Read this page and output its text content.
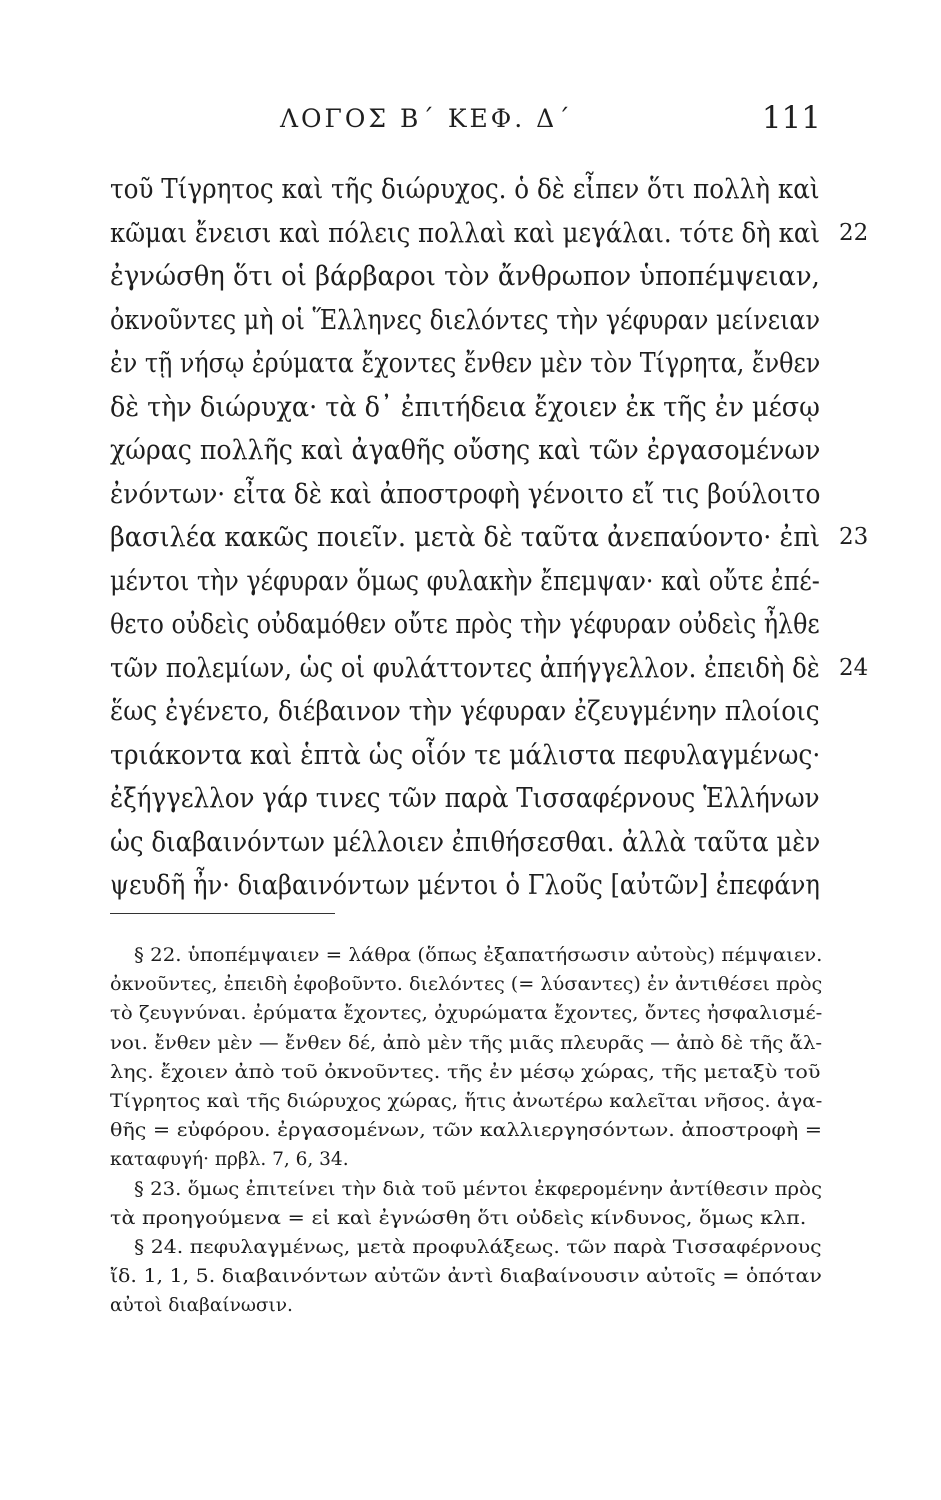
ΛΟΓΟΣ Β΄ ΚΕΦ. Δ΄	111
τοῦ Τίγρητος καὶ τῆς διώρυχος. ὁ δὲ εἶπεν ὅτι πολλὴ καὶ
κῶμαι ἔνεισι καὶ πόλεις πολλαὶ καὶ μεγάλαι. τότε δὴ καὶ
ἐγνώσθη ὅτι οἱ βάρβαροι τὸν ἄνθρωπον ὑποπέμψειαν,
ὀκνοῦντες μὴ οἱ Ἕλληνες διελόντες τὴν γέφυραν μείνειαν
ἐν τῇ νήσῳ ἐρύματα ἔχοντες ἔνθεν μὲν τὸν Τίγρητα, ἔνθεν
δὲ τὴν διώρυχα· τὰ δ᾽ ἐπιτήδεια ἔχοιεν ἐκ τῆς ἐν μέσῳ
χώρας πολλῆς καὶ ἀγαθῆς οὔσης καὶ τῶν ἐργασομένων
ἐνόντων· εἶτα δὲ καὶ ἀποστροφὴ γένοιτο εἴ τις βούλοιτο
βασιλέα κακῶς ποιεῖν. μετὰ δὲ ταῦτα ἀνεπαύοντο· ἐπὶ
μέντοι τὴν γέφυραν ὅμως φυλακὴν ἔπεμψαν· καὶ οὔτε ἐπέ-
θετο οὐδεὶς οὐδαμόθεν οὔτε πρὸς τὴν γέφυραν οὐδεὶς ἦλθε
τῶν πολεμίων, ὡς οἱ φυλάττοντες ἀπήγγελλον. ἐπειδὴ δὲ
ἕως ἐγένετο, διέβαινον τὴν γέφυραν ἐζευγμένην πλοίοις
τριάκοντα καὶ ἑπτὰ ὡς οἷόν τε μάλιστα πεφυλαγμένως·
ἐξήγγελλον γάρ τινες τῶν παρὰ Τισσαφέρνους Ἑλλήνων
ὡς διαβαινόντων μέλλοιεν ἐπιθήσεσθαι. ἀλλὰ ταῦτα μὲν
ψευδῆ ἦν· διαβαινόντων μέντοι ὁ Γλοῦς [αὐτῶν] ἐπεφάνη
22
23
24
§ 22. ὑποπέμψαιεν = λάθρα (ὅπως ἐξαπατήσωσιν αὐτοὺς) πέμψαιεν.
ὀκνοῦντες, ἐπειδὴ ἐφοβοῦντο. διελόντες (= λύσαντες) ἐν ἀντιθέσει πρὸς
τὸ ζευγνύναι. ἐρύματα ἔχοντες, ὀχυρώματα ἔχοντες, ὄντες ἠσφαλισμέ-
νοι. ἔνθεν μὲν — ἔνθεν δέ, ἀπὸ μὲν τῆς μιᾶς πλευρᾶς — ἀπὸ δὲ τῆς ἄλ-
λης. ἔχοιεν ἀπὸ τοῦ ὀκνοῦντες. τῆς ἐν μέσῳ χώρας, τῆς μεταξὺ τοῦ
Τίγρητος καὶ τῆς διώρυχος χώρας, ἥτις ἀνωτέρω καλεῖται νῆσος. ἀγα-
θῆς = εὐφόρου. ἐργασομένων, τῶν καλλιεργησόντων. ἀποστροφὴ =
καταφυγή· πρβλ. 7, 6, 34.
§ 23. ὅμως ἐπιτείνει τὴν διὰ τοῦ μέντοι ἐκφερομένην ἀντίθεσιν πρὸς
τὰ προηγούμενα = εἰ καὶ ἐγνώσθη ὅτι οὐδεὶς κίνδυνος, ὅμως κλπ.
§ 24. πεφυλαγμένως, μετὰ προφυλάξεως. τῶν παρὰ Τισσαφέρνους
ἴδ. 1, 1, 5. διαβαινόντων αὐτῶν ἀντὶ διαβαίνουσιν αὐτοῖς = ὁπόταν
αὐτοὶ διαβαίνωσιν.
